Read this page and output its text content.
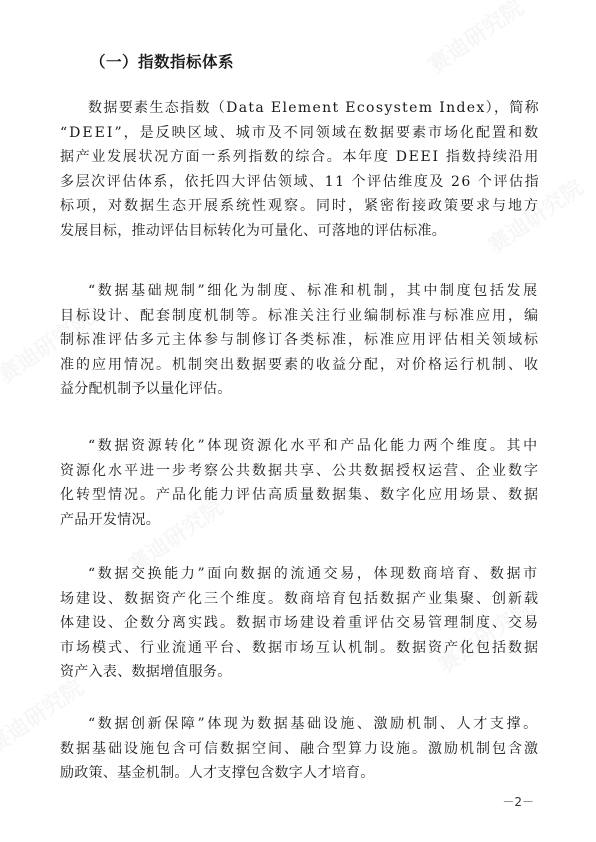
（一）指数指标体系
数据要素生态指数（Data Element Ecosystem Index），简称
“DEEI”，是反映区域、城市及不同领域在数据要素市场化配置和数
据产业发展状况方面一系列指数的综合。本年度 DEEI 指数持续沿用
多层次评估体系，依托四大评估领域、11 个评估维度及 26 个评估指
标项，对数据生态开展系统性观察。同时，紧密衔接政策要求与地方
发展目标，推动评估目标转化为可量化、可落地的评估标准。
“数据基础规制”细化为制度、标准和机制，其中制度包括发展
目标设计、配套制度机制等。标准关注行业编制标准与标准应用，编
制标准评估多元主体参与制修订各类标准，标准应用评估相关领域标
准的应用情况。机制突出数据要素的收益分配，对价格运行机制、收
益分配机制予以量化评估。
“数据资源转化”体现资源化水平和产品化能力两个维度。其中
资源化水平进一步考察公共数据共享、公共数据授权运营、企业数字
化转型情况。产品化能力评估高质量数据集、数字化应用场景、数据
产品开发情况。
“数据交换能力”面向数据的流通交易，体现数商培育、数据市
场建设、数据资产化三个维度。数商培育包括数据产业集聚、创新载
体建设、企数分离实践。数据市场建设着重评估交易管理制度、交易
市场模式、行业流通平台、数据市场互认机制。数据资产化包括数据
资产入表、数据增值服务。
“数据创新保障”体现为数据基础设施、激励机制、人才支撑。
数据基础设施包含可信数据空间、融合型算力设施。激励机制包含激
励政策、基金机制。人才支撑包含数字人才培育。
－2－
